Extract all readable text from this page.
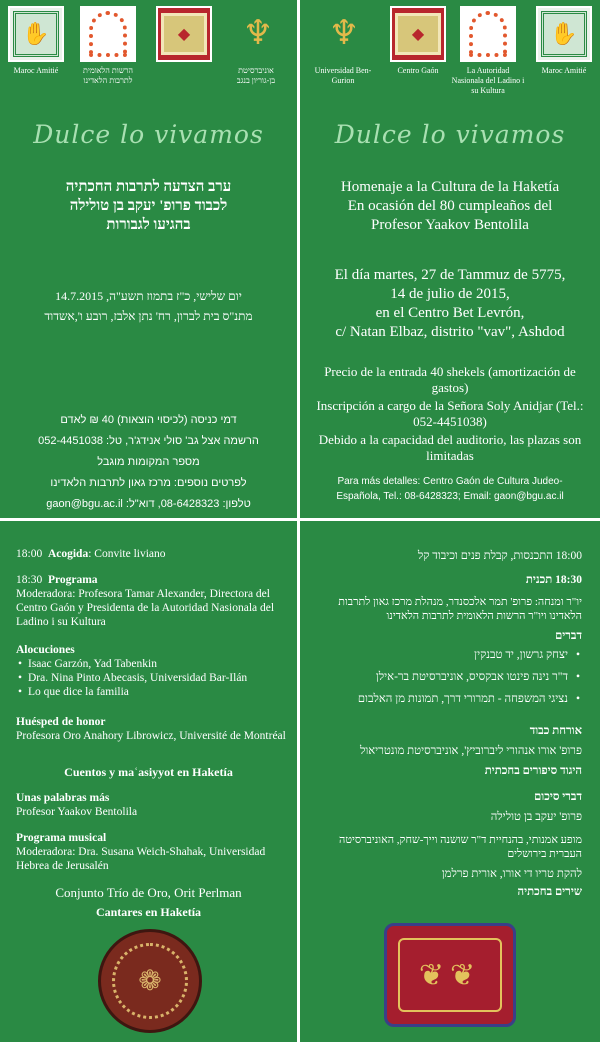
✋
Maroc Amitié	הרשות הלאומית לתרבות הלאדינו
◆	♆
אוניברסיטת בן-גוריון בנגב
Dulce lo vivamos
ערב הצדעה לתרבות החכתיה
לכבוד פרופ' יעקב בן טולילה
בהגיעו לגבורות
יום שלישי, כ"ז בתמוז תשע"ה, 14.7.2015
מתנ"ס בית לברון, רח' נתן אלבז, רובע ו',אשדוד
דמי כניסה (לכיסוי הוצאות) 40 ₪ לאדם
הרשמה אצל גב' סולי אנידג'ר, טל: 052-4451038
מספר המקומות מוגבל
לפרטים נוספים: מרכז גאון לתרבות הלאדינו
טלפון: 08-6428323, דוא"ל: gaon@bgu.ac.il
♆
Universidad Ben-Gurion
◆
Centro Gaón	La Autoridad Nasionala del Ladino i su Kultura
✋
Maroc Amitié
Dulce lo vivamos
Homenaje a la Cultura de la Haketía
En ocasión del 80 cumpleaños del
Profesor Yaakov Bentolila
El día martes, 27 de Tammuz de 5775,
14 de julio de 2015,
en el Centro Bet Levrón,
c/ Natan Elbaz, distrito "vav", Ashdod
Precio de la entrada 40 shekels (amortización de gastos)
Inscripción a cargo de la Señora Soly Anidjar (Tel.: 052-4451038)
Debido a la capacidad del auditorio, las plazas son limitadas
Para más detalles: Centro Gaón de Cultura Judeo-Española, Tel.: 08-6428323; Email: gaon@bgu.ac.il
18:00 Acogida: Convite liviano
18:30 Programa
Moderadora: Profesora Tamar Alexander, Directora del Centro Gaón y Presidenta de la Autoridad Nasionala del Ladino i su Kultura
Alocuciones
• Isaac Garzón, Yad Tabenkin
• Dra. Nina Pinto Abecasis, Universidad Bar-Ilán
• Lo que dice la familia
Huésped de honor
Profesora Oro Anahory Librowicz, Université de Montréal
Cuentos y maʿasiyyot en Haketía
Unas palabras más
Profesor Yaakov Bentolila
Programa musical
Moderadora: Dra. Susana Weich-Shahak, Universidad Hebrea de Jerusalén
Conjunto Trío de Oro, Orit Perlman
Cantares en Haketía
❁
18:00 התכנסות, קבלת פנים וכיבוד קל
18:30 תכנית
יו"ר ומנחה: פרופ' תמר אלכסנדר, מנהלת מרכז גאון לתרבות הלאדינו ויו"ר הרשות הלאומית לתרבות הלאדינו
דברים
• יצחק גרשון, יד טבנקין
• ד"ר נינה פינטו אבקסיס, אוניברסיטת בר-אילן
• נציגי המשפחה - תמרורי דרך, תמונות מן האלבום
אורחת כבוד
פרופ' אורו אנהורי ליברוביץ', אוניברסיטת מונטריאול
היגוד סיפורים בחכתית
דברי סיכום
פרופ' יעקב בן טולילה
מופע אמנותי, בהנחיית ד"ר שושנה וייך-שחק, האוניברסיטה העברית בירושלים
להקת טריו די אורו, אורית פרלמן
שירים בחכתיה
❦❦
